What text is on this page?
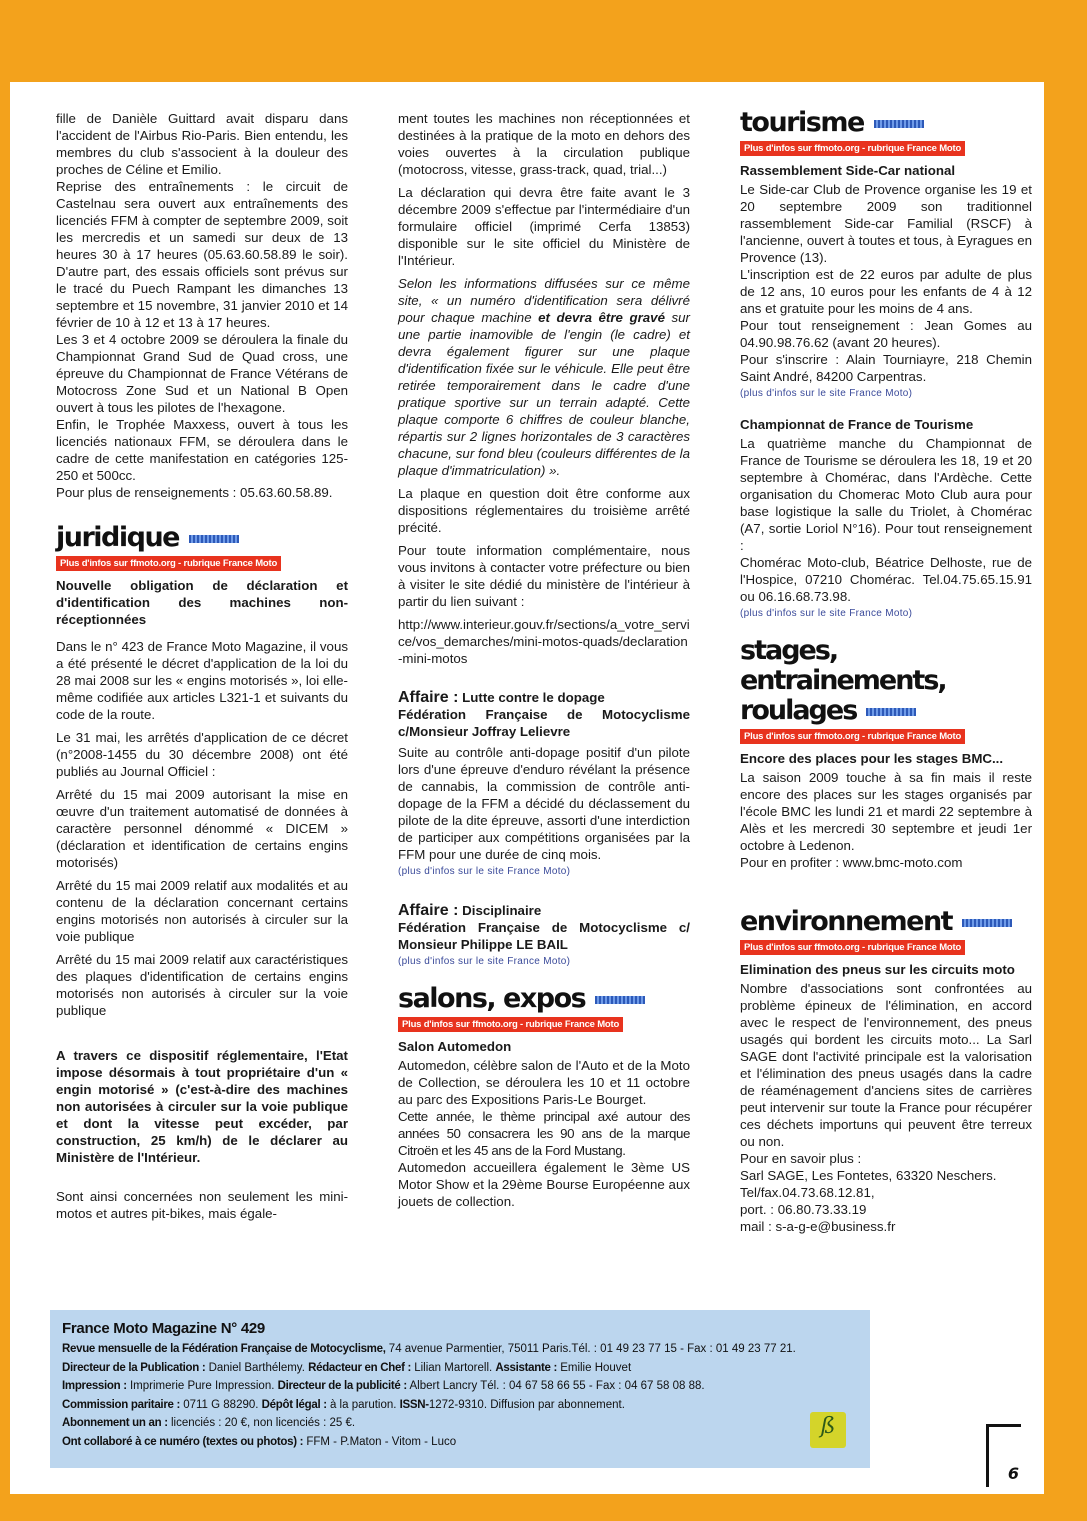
fille de Danièle Guittard avait disparu dans l'accident de l'Airbus Rio-Paris. Bien entendu, les membres du club s'associent à la douleur des proches de Céline et Emilio.

Reprise des entraînements : le circuit de Castelnau sera ouvert aux entraînements des licenciés FFM à compter de septembre 2009, soit les mercredis et un samedi sur deux de 13 heures 30 à 17 heures (05.63.60.58.89 le soir). D'autre part, des essais officiels sont prévus sur le tracé du Puech Rampant les dimanches 13 septembre et 15 novembre, 31 janvier 2010 et 14 février de 10 à 12 et 13 à 17 heures.

Les 3 et 4 octobre 2009 se déroulera la finale du Championnat Grand Sud de Quad cross, une épreuve du Championnat de France Vétérans de Motocross Zone Sud et un National B Open ouvert à tous les pilotes de l'hexagone.

Enfin, le Trophée Maxxess, ouvert à tous les licenciés nationaux FFM, se déroulera dans le cadre de cette manifestation en catégories 125-250 et 500cc.

Pour plus de renseignements : 05.63.60.58.89.

juridique
Plus d'infos sur ffmoto.org - rubrique France Moto

Nouvelle obligation de déclaration et d'identification des machines non-réceptionnées

Dans le n° 423 de France Moto Magazine, il vous a été présenté le décret d'application de la loi du 28 mai 2008 sur les « engins motorisés », loi elle-même codifiée aux articles L321-1 et suivants du code de la route.

Le 31 mai, les arrêtés d'application de ce décret (n°2008-1455 du 30 décembre 2008) ont été publiés au Journal Officiel :

Arrêté du 15 mai 2009 autorisant la mise en œuvre d'un traitement automatisé de données à caractère personnel dénommé « DICEM » (déclaration et identification de certains engins motorisés)

Arrêté du 15 mai 2009 relatif aux modalités et au contenu de la déclaration concernant certains engins motorisés non autorisés à circuler sur la voie publique

Arrêté du 15 mai 2009 relatif aux caractéristiques des plaques d'identification de certains engins motorisés non autorisés à circuler sur la voie publique

A travers ce dispositif réglementaire, l'Etat impose désormais à tout propriétaire d'un « engin motorisé » (c'est-à-dire des machines non autorisées à circuler sur la voie publique et dont la vitesse peut excéder, par construction, 25 km/h) de le déclarer au Ministère de l'Intérieur.

Sont ainsi concernées non seulement les mini-motos et autres pit-bikes, mais égale-

ment toutes les machines non réceptionnées et destinées à la pratique de la moto en dehors des voies ouvertes à la circulation publique (motocross, vitesse, grass-track, quad, trial...)

La déclaration qui devra être faite avant le 3 décembre 2009 s'effectue par l'intermédiaire d'un formulaire officiel (imprimé Cerfa 13853) disponible sur le site officiel du Ministère de l'Intérieur.

Selon les informations diffusées sur ce même site, « un numéro d'identification sera délivré pour chaque machine et devra être gravé sur une partie inamovible de l'engin (le cadre) et devra également figurer sur une plaque d'identification fixée sur le véhicule. Elle peut être retirée temporairement dans le cadre d'une pratique sportive sur un terrain adapté. Cette plaque comporte 6 chiffres de couleur blanche, répartis sur 2 lignes horizontales de 3 caractères chacune, sur fond bleu (couleurs différentes de la plaque d'immatriculation) ».

La plaque en question doit être conforme aux dispositions réglementaires du troisième arrêté précité.

Pour toute information complémentaire, nous vous invitons à contacter votre préfecture ou bien à visiter le site dédié du ministère de l'intérieur à partir du lien suivant :

http://www.interieur.gouv.fr/sections/a_votre_service/vos_demarches/mini-motos-quads/declaration-mini-motos

Affaire : Lutte contre le dopage

Fédération Française de Motocyclisme c/Monsieur Joffray Lelievre

Suite au contrôle anti-dopage positif d'un pilote lors d'une épreuve d'enduro révélant la présence de cannabis, la commission de contrôle anti-dopage de la FFM a décidé du déclassement du pilote de la dite épreuve, assorti d'une interdiction de participer aux compétitions organisées par la FFM pour une durée de cinq mois.

(plus d'infos sur le site France Moto)

Affaire : Disciplinaire

Fédération Française de Motocyclisme c/ Monsieur Philippe LE BAIL

(plus d'infos sur le site France Moto)

salons, expos
Plus d'infos sur ffmoto.org - rubrique France Moto

Salon Automedon

Automedon, célèbre salon de l'Auto et de la Moto de Collection, se déroulera les 10 et 11 octobre au parc des Expositions Paris-Le Bourget.

Cette année, le thème principal axé autour des années 50 consacrera les 90 ans de la marque Citroën et les 45 ans de la Ford Mustang.

Automedon accueillera également le 3ème US Motor Show et la 29ème Bourse Européenne aux jouets de collection.

tourisme
Plus d'infos sur ffmoto.org - rubrique France Moto

Rassemblement Side-Car national

Le Side-car Club de Provence organise les 19 et 20 septembre 2009 son traditionnel rassemblement Side-car Familial (RSCF) à l'ancienne, ouvert à toutes et tous, à Eyragues en Provence (13).

L'inscription est de 22 euros par adulte de plus de 12 ans, 10 euros pour les enfants de 4 à 12 ans et gratuite pour les moins de 4 ans.

Pour tout renseignement : Jean Gomes au 04.90.98.76.62 (avant 20 heures).

Pour s'inscrire : Alain Tourniayre, 218 Chemin Saint André, 84200 Carpentras.

(plus d'infos sur le site France Moto)

Championnat de France de Tourisme

La quatrième manche du Championnat de France de Tourisme se déroulera les 18, 19 et 20 septembre à Chomérac, dans l'Ardèche. Cette organisation du Chomerac Moto Club aura pour base logistique la salle du Triolet, à Chomérac (A7, sortie Loriol N°16). Pour tout renseignement :

Chomérac Moto-club, Béatrice Delhoste, rue de l'Hospice, 07210 Chomérac. Tel.04.75.65.15.91 ou 06.16.68.73.98.

(plus d'infos sur le site France Moto)

stages, entrainements,
roulages
Plus d'infos sur ffmoto.org - rubrique France Moto

Encore des places pour les stages BMC...

La saison 2009 touche à sa fin mais il reste encore des places sur les stages organisés par l'école BMC les lundi 21 et mardi 22 septembre à Alès et les mercredi 30 septembre et jeudi 1er octobre à Ledenon.

Pour en profiter : www.bmc-moto.com

environnement
Plus d'infos sur ffmoto.org - rubrique France Moto

Elimination des pneus sur les circuits moto

Nombre d'associations sont confrontées au problème épineux de l'élimination, en accord avec le respect de l'environnement, des pneus usagés qui bordent les circuits moto... La Sarl SAGE dont l'activité principale est la valorisation et l'élimination des pneus usagés dans la cadre de réaménagement d'anciens sites de carrières peut intervenir sur toute la France pour récupérer ces déchets importuns qui peuvent être terreux ou non.

Pour en savoir plus :

Sarl SAGE, Les Fontetes, 63320 Neschers.

Tel/fax.04.73.68.12.81,

port. : 06.80.73.33.19

mail : s-a-g-e@business.fr

France Moto Magazine N° 429
Revue mensuelle de la Fédération Française de Motocyclisme, 74 avenue Parmentier, 75011 Paris.Tél. : 01 49 23 77 15 - Fax : 01 49 23 77 21.
Directeur de la Publication : Daniel Barthélemy. Rédacteur en Chef : Lilian Martorell. Assistante : Emilie Houvet
Impression : Imprimerie Pure Impression. Directeur de la publicité : Albert Lancry Tél. : 04 67 58 66 55 - Fax : 04 67 58 08 88.
Commission paritaire : 0711 G 88290. Dépôt légal : à la parution. ISSN-1272-9310. Diffusion par abonnement.
Abonnement un an : licenciés : 20 €, non licenciés : 25 €.
Ont collaboré à ce numéro (textes ou photos) : FFM - P.Maton - Vitom - Luco
ß
6
